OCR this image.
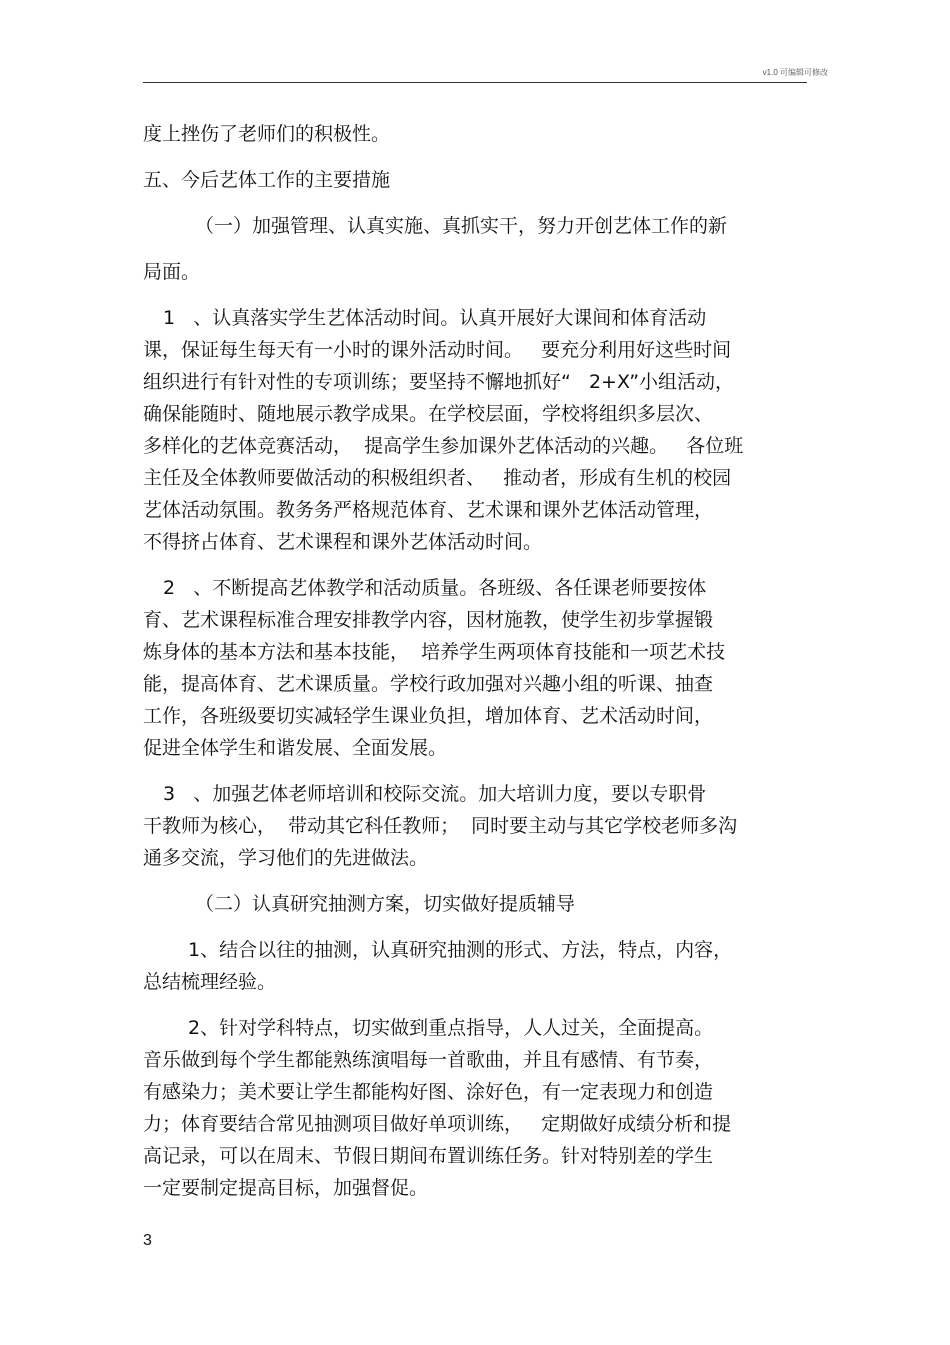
v1.0 可编辑可修改
度上挫伤了老师们的积极性。
五、今后艺体工作的主要措施
（一）加强管理、认真实施、真抓实干，努力开创艺体工作的新
局面。
1   、认真落实学生艺体活动时间。认真开展好大课间和体育活动
课，保证每生每天有一小时的课外活动时间。   要充分利用好这些时间
组织进行有针对性的专项训练；要坚持不懈地抓好“   2+X”小组活动，
确保能随时、随地展示教学成果。在学校层面，学校将组织多层次、
多样化的艺体竞赛活动，  提高学生参加课外艺体活动的兴趣。   各位班
主任及全体教师要做活动的积极组织者、   推动者，形成有生机的校园
艺体活动氛围。教务务严格规范体育、艺术课和课外艺体活动管理，
不得挤占体育、艺术课程和课外艺体活动时间。
2   、不断提高艺体教学和活动质量。各班级、各任课老师要按体
育、艺术课程标准合理安排教学内容，因材施教，使学生初步掌握锻
炼身体的基本方法和基本技能，  培养学生两项体育技能和一项艺术技
能，提高体育、艺术课质量。学校行政加强对兴趣小组的听课、抽查
工作，各班级要切实减轻学生课业负担，增加体育、艺术活动时间，
促进全体学生和谐发展、全面发展。
3   、加强艺体老师培训和校际交流。加大培训力度，要以专职骨
干教师为核心，  带动其它科任教师；  同时要主动与其它学校老师多沟
通多交流，学习他们的先进做法。
（二）认真研究抽测方案，切实做好提质辅导
1、结合以往的抽测，认真研究抽测的形式、方法，特点，内容，
总结梳理经验。
2、针对学科特点，切实做到重点指导，人人过关，全面提高。
音乐做到每个学生都能熟练演唱每一首歌曲，并且有感情、有节奏，
有感染力；美术要让学生都能构好图、涂好色，有一定表现力和创造
力；体育要结合常见抽测项目做好单项训练，   定期做好成绩分析和提
高记录，可以在周末、节假日期间布置训练任务。针对特别差的学生
一定要制定提高目标，加强督促。
3
